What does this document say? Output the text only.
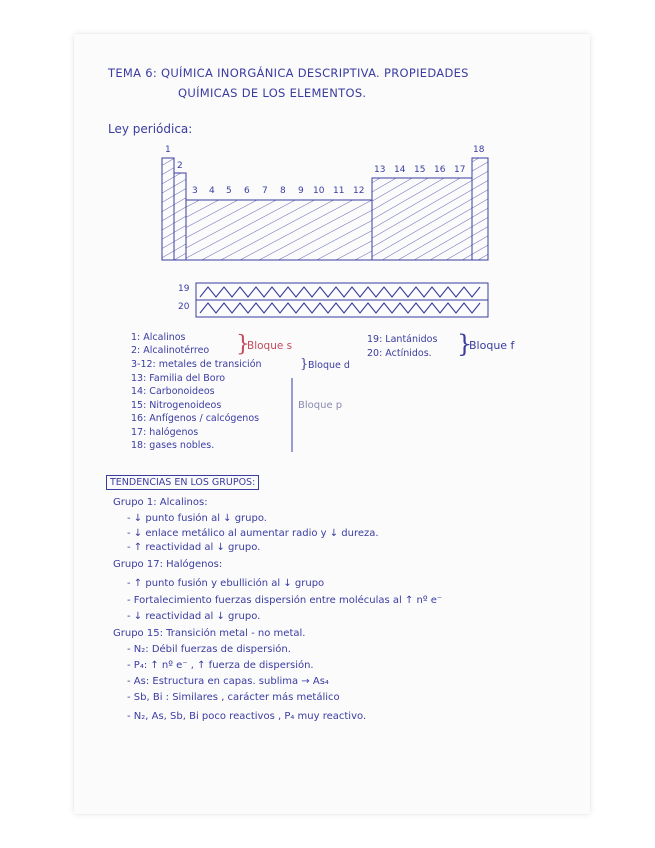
TEMA 6: QUÍMICA INORGÁNICA DESCRIPTIVA. PROPIEDADES
QUÍMICAS DE LOS ELEMENTOS.
Ley periódica:
1
2
3 4 5 6 7 8 9 10 11 12
13 14 15 16 17
18
19
20
1: Alcalinos
2: Alcalinotérreo
3-12: metales de transición
13: Familia del Boro
14: Carbonoideos
15: Nitrogenoideos
16: Anfígenos / calcógenos
17: halógenos
18: gases nobles.
}
Bloque s
} Bloque d
Bloque p
19: Lantánidos
20: Actínidos. }
Bloque f
TENDENCIAS EN LOS GRUPOS:
Grupo 1: Alcalinos:
- ↓ punto fusión al ↓ grupo.
- ↓ enlace metálico al aumentar radio y ↓ dureza.
- ↑ reactividad al ↓ grupo.
Grupo 17: Halógenos:
- ↑ punto fusión y ebullición al ↓ grupo
- Fortalecimiento fuerzas dispersión entre moléculas al ↑ nº e⁻
- ↓ reactividad al ↓ grupo.
Grupo 15: Transición metal - no metal.
- N₂: Débil fuerzas de dispersión.
- P₄: ↑ nº e⁻ , ↑ fuerza de dispersión.
- As: Estructura en capas. sublima → As₄
- Sb, Bi : Similares , carácter más metálico
- N₂, As, Sb, Bi poco reactivos , P₄ muy reactivo.
